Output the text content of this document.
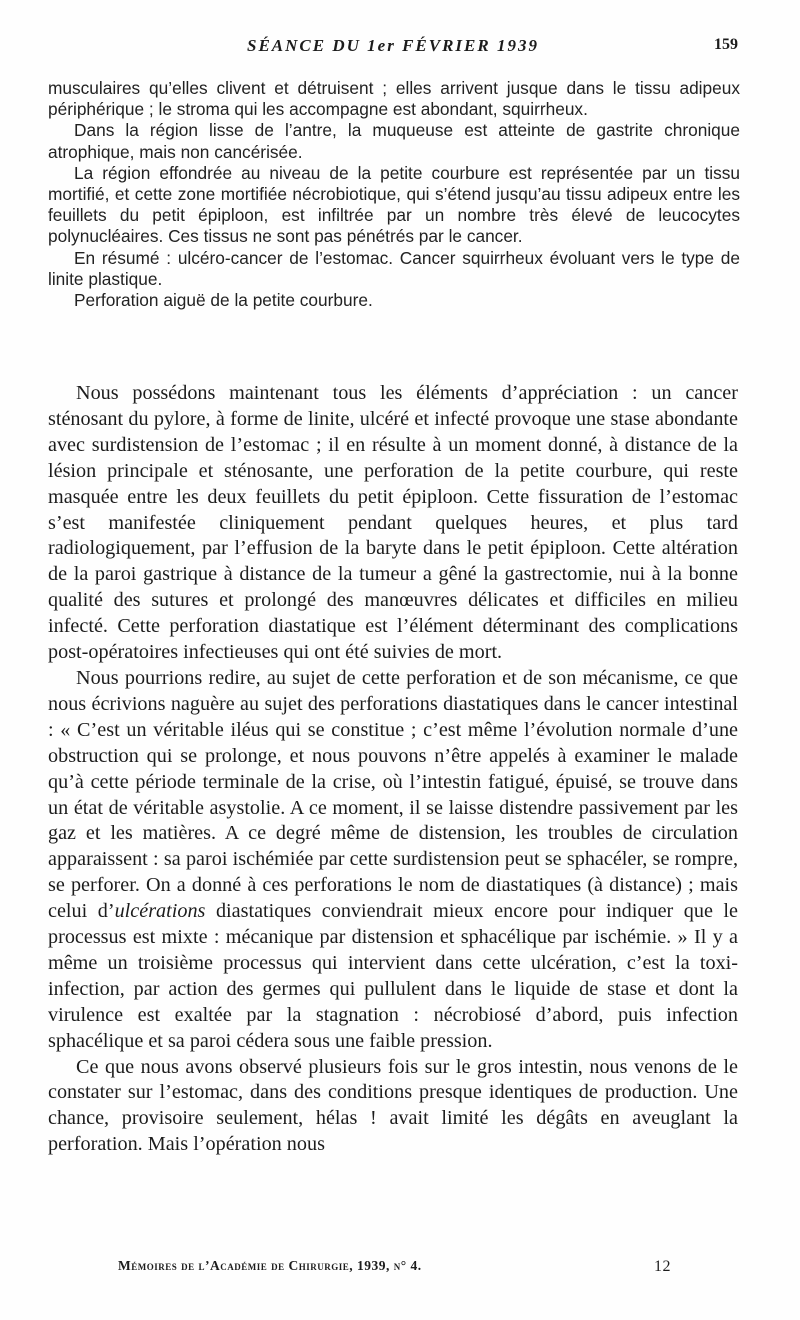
SÉANCE DU 1er FÉVRIER 1939	159

musculaires qu’elles clivent et détruisent ; elles arrivent jusque dans le tissu adipeux périphérique ; le stroma qui les accompagne est abondant, squirrheux.

Dans la région lisse de l’antre, la muqueuse est atteinte de gastrite chronique atrophique, mais non cancérisée.

La région effondrée au niveau de la petite courbure est représentée par un tissu mortifié, et cette zone mortifiée nécrobiotique, qui s’étend jusqu’au tissu adipeux entre les feuillets du petit épiploon, est infiltrée par un nombre très élevé de leucocytes polynucléaires. Ces tissus ne sont pas pénétrés par le cancer.

En résumé : ulcéro-cancer de l’estomac. Cancer squirrheux évoluant vers le type de linite plastique.

Perforation aiguë de la petite courbure.

Nous possédons maintenant tous les éléments d’appréciation : un cancer sténosant du pylore, à forme de linite, ulcéré et infecté provoque une stase abondante avec surdistension de l’estomac ; il en résulte à un moment donné, à distance de la lésion principale et sténosante, une perforation de la petite courbure, qui reste masquée entre les deux feuillets du petit épiploon. Cette fissuration de l’estomac s’est manifestée cliniquement pendant quelques heures, et plus tard radiologiquement, par l’effusion de la baryte dans le petit épiploon. Cette altération de la paroi gastrique à distance de la tumeur a gêné la gastrectomie, nui à la bonne qualité des sutures et prolongé des manœuvres délicates et difficiles en milieu infecté. Cette perforation diastatique est l’élément déterminant des complications post-opératoires infectieuses qui ont été suivies de mort.

Nous pourrions redire, au sujet de cette perforation et de son mécanisme, ce que nous écrivions naguère au sujet des perforations diastatiques dans le cancer intestinal : « C’est un véritable iléus qui se constitue ; c’est même l’évolution normale d’une obstruction qui se prolonge, et nous pouvons n’être appelés à examiner le malade qu’à cette période terminale de la crise, où l’intestin fatigué, épuisé, se trouve dans un état de véritable asystolie. A ce moment, il se laisse distendre passivement par les gaz et les matières. A ce degré même de distension, les troubles de circulation apparaissent : sa paroi ischémiée par cette surdistension peut se sphacéler, se rompre, se perforer. On a donné à ces perforations le nom de diastatiques (à distance) ; mais celui d’ulcérations diastatiques conviendrait mieux encore pour indiquer que le processus est mixte : mécanique par distension et sphacélique par ischémie. » Il y a même un troisième processus qui intervient dans cette ulcération, c’est la toxi-infection, par action des germes qui pullulent dans le liquide de stase et dont la virulence est exaltée par la stagnation : nécrobiosé d’abord, puis infection sphacélique et sa paroi cédera sous une faible pression.

Ce que nous avons observé plusieurs fois sur le gros intestin, nous venons de le constater sur l’estomac, dans des conditions presque identiques de production. Une chance, provisoire seulement, hélas ! avait limité les dégâts en aveuglant la perforation. Mais l’opération nous

Mémoires de l’Académie de Chirurgie, 1939, n° 4.	12
